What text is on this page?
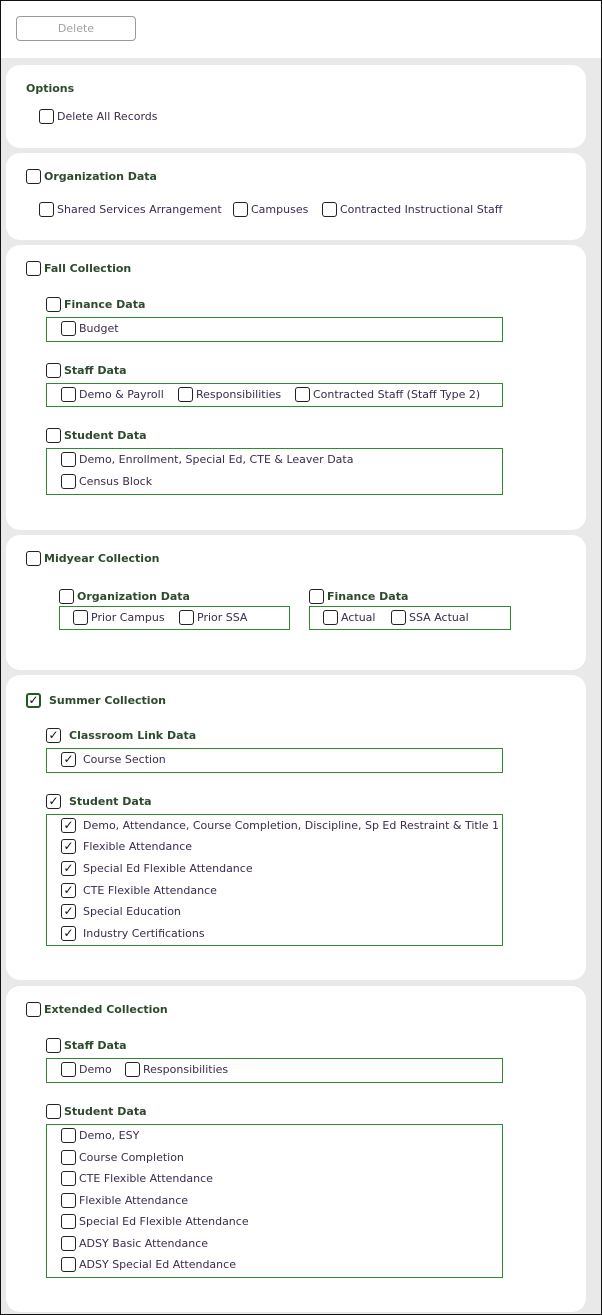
Delete
Options
Delete All Records
Organization Data
Shared Services Arrangement	Campuses	Contracted Instructional Staff
Fall Collection
Finance Data
Budget
Staff Data
Demo & Payroll	Responsibilities	Contracted Staff (Staff Type 2)
Student Data
Demo, Enrollment, Special Ed, CTE & Leaver Data
Census Block
Midyear Collection
Organization Data
Prior Campus	Prior SSA
Finance Data
Actual	SSA Actual
✓ Summer Collection
✓ Classroom Link Data
✓ Course Section
✓ Student Data
✓ Demo, Attendance, Course Completion, Discipline, Sp Ed Restraint & Title 1
✓ Flexible Attendance
✓ Special Ed Flexible Attendance
✓ CTE Flexible Attendance
✓ Special Education
✓ Industry Certifications
Extended Collection
Staff Data
Demo	Responsibilities
Student Data
Demo, ESY
Course Completion
CTE Flexible Attendance
Flexible Attendance
Special Ed Flexible Attendance
ADSY Basic Attendance
ADSY Special Ed Attendance
